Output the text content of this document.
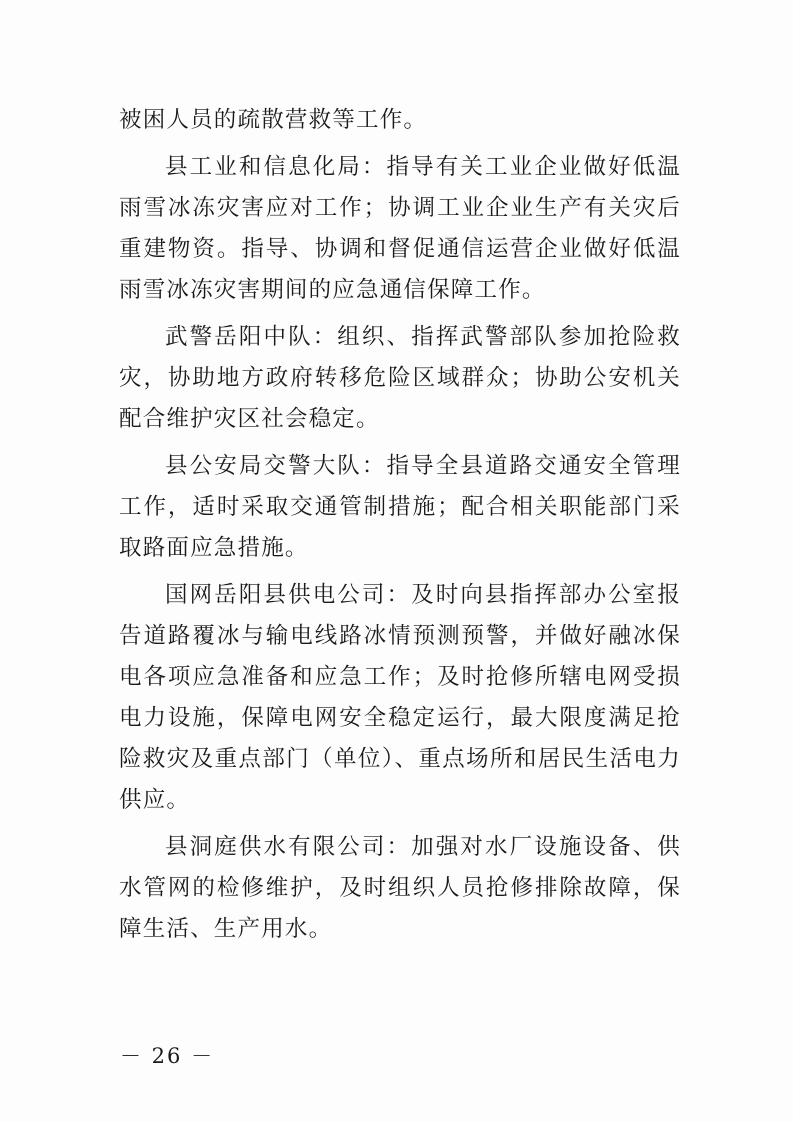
被困人员的疏散营救等工作。

县工业和信息化局：指导有关工业企业做好低温雨雪冰冻灾害应对工作；协调工业企业生产有关灾后重建物资。指导、协调和督促通信运营企业做好低温雨雪冰冻灾害期间的应急通信保障工作。

武警岳阳中队：组织、指挥武警部队参加抢险救灾，协助地方政府转移危险区域群众；协助公安机关配合维护灾区社会稳定。

县公安局交警大队：指导全县道路交通安全管理工作，适时采取交通管制措施；配合相关职能部门采取路面应急措施。

国网岳阳县供电公司：及时向县指挥部办公室报告道路覆冰与输电线路冰情预测预警，并做好融冰保电各项应急准备和应急工作；及时抢修所辖电网受损电力设施，保障电网安全稳定运行，最大限度满足抢险救灾及重点部门（单位）、重点场所和居民生活电力供应。

县洞庭供水有限公司：加强对水厂设施设备、供水管网的检修维护，及时组织人员抢修排除故障，保障生活、生产用水。

－ 26 －
